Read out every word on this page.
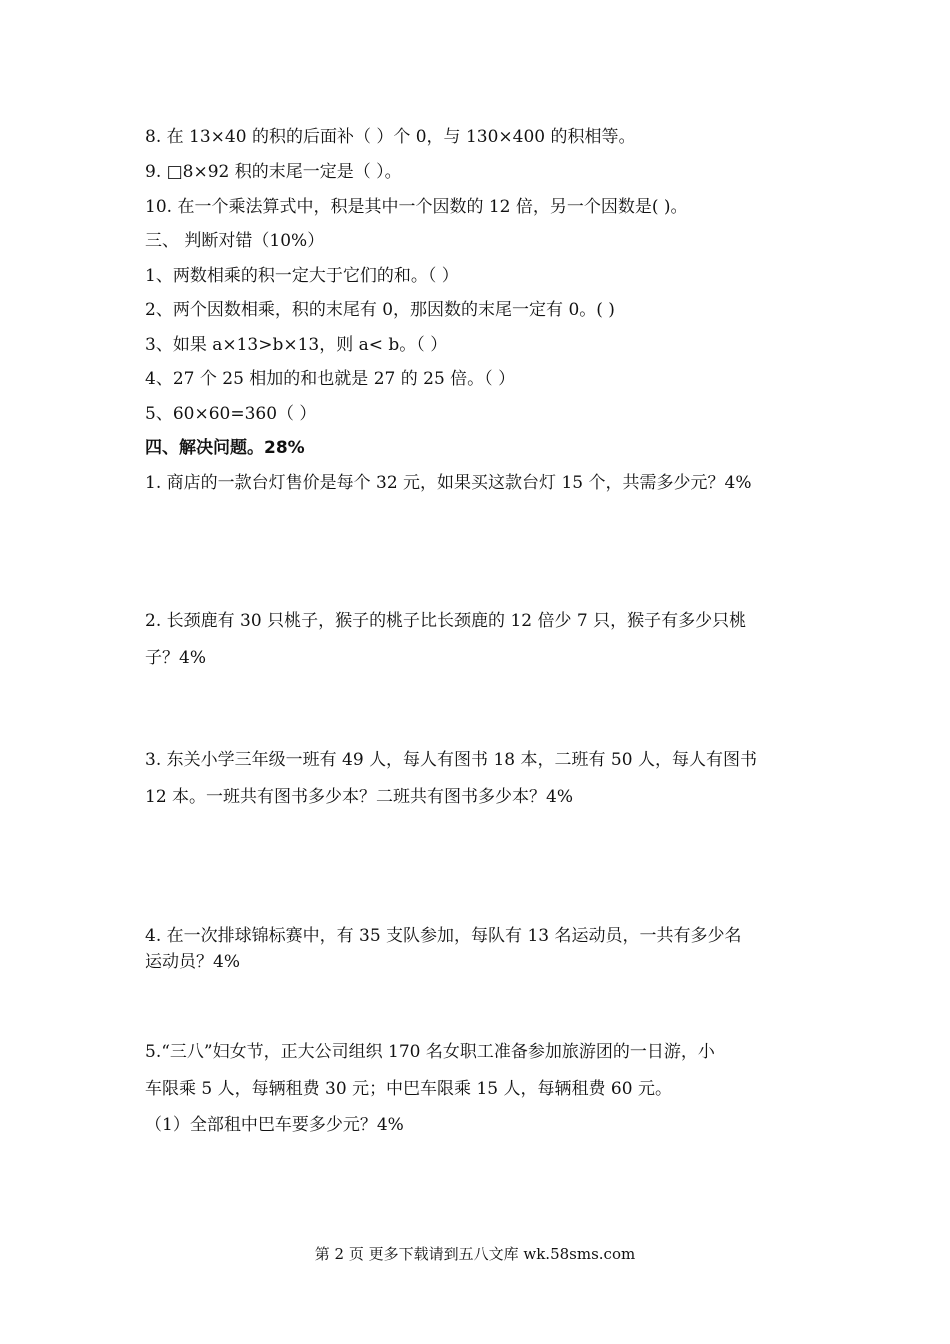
8. 在 13×40 的积的后面补（ ）个 0，与 130×400 的积相等。
9. □8×92 积的末尾一定是（ ）。
10. 在一个乘法算式中，积是其中一个因数的 12 倍，另一个因数是( )。
三、 判断对错（10%）
1、两数相乘的积一定大于它们的和。（ ）
2、两个因数相乘，积的末尾有 0，那因数的末尾一定有 0。( )
3、如果 a×13>b×13，则 a< b。（ ）
4、27 个 25 相加的和也就是 27 的 25 倍。（ ）
5、60×60=360（ ）
四、解决问题。28%
1. 商店的一款台灯售价是每个 32 元，如果买这款台灯 15 个，共需多少元？4%
2. 长颈鹿有 30 只桃子，猴子的桃子比长颈鹿的 12 倍少 7 只，猴子有多少只桃
子？4%
3. 东关小学三年级一班有 49 人，每人有图书 18 本，二班有 50 人，每人有图书
12 本。一班共有图书多少本？二班共有图书多少本？4%
4. 在一次排球锦标赛中，有 35 支队参加，每队有 13 名运动员，一共有多少名
运动员？4%
5.“三八”妇女节，正大公司组织 170 名女职工准备参加旅游团的一日游，小
车限乘 5 人，每辆租费 30 元；中巴车限乘 15 人，每辆租费 60 元。
（1）全部租中巴车要多少元？4%
第 2 页 更多下载请到五八文库 wk.58sms.com
